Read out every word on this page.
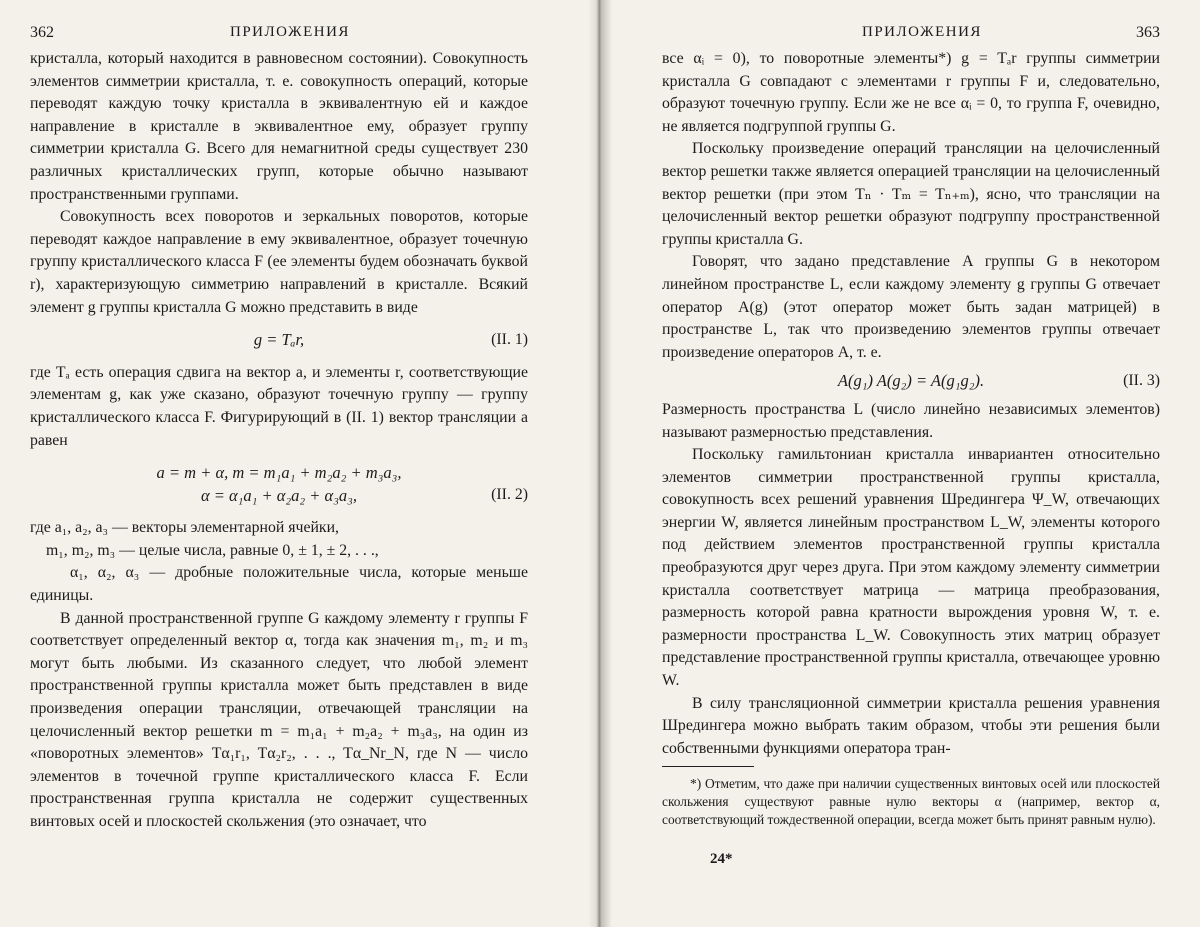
362	ПРИЛОЖЕНИЯ

кристалла, который находится в равновесном состоянии). Совокупность элементов симметрии кристалла, т. е. совокупность операций, которые переводят каждую точку кристалла в эквивалентную ей и каждое направление в кристалле в эквивалентное ему, образует группу симметрии кристалла G. Всего для немагнитной среды существует 230 различных кристаллических групп, которые обычно называют пространственными группами.

Совокупность всех поворотов и зеркальных поворотов, которые переводят каждое направление в ему эквивалентное, образует точечную группу кристаллического класса F (ее элементы будем обозначать буквой r), характеризующую симметрию направлений в кристалле. Всякий элемент g группы кристалла G можно представить в виде

g = Tₐr,	(II. 1)

где Tₐ есть операция сдвига на вектор a, и элементы r, соответствующие элементам g, как уже сказано, образуют точечную группу — группу кристаллического класса F. Фигурирующий в (II. 1) вектор трансляции a равен

a = m + α, m = m₁a₁ + m₂a₂ + m₃a₃,
α = α₁a₁ + α₂a₂ + α₃a₃,	(II. 2)

где a₁, a₂, a₃ — векторы элементарной ячейки,

m₁, m₂, m₃ — целые числа, равные 0, ± 1, ± 2, . . .,

α₁, α₂, α₃ — дробные положительные числа, которые меньше единицы.

В данной пространственной группе G каждому элементу r группы F соответствует определенный вектор α, тогда как значения m₁, m₂ и m₃ могут быть любыми. Из сказанного следует, что любой элемент пространственной группы кристалла может быть представлен в виде произведения операции трансляции, отвечающей трансляции на целочисленный вектор решетки m = m₁a₁ + m₂a₂ + m₃a₃, на один из «поворотных элементов» Tα₁r₁, Tα₂r₂, . . ., Tα_Nr_N, где N — число элементов в точечной группе кристаллического класса F. Если пространственная группа кристалла не содержит существенных винтовых осей и плоскостей скольжения (это означает, что

ПРИЛОЖЕНИЯ	363

все αᵢ = 0), то поворотные элементы*) g = Tₐr группы симметрии кристалла G совпадают с элементами r группы F и, следовательно, образуют точечную группу. Если же не все αᵢ = 0, то группа F, очевидно, не является подгруппой группы G.

Поскольку произведение операций трансляции на целочисленный вектор решетки также является операцией трансляции на целочисленный вектор решетки (при этом Tₙ · Tₘ = Tₙ₊ₘ), ясно, что трансляции на целочисленный вектор решетки образуют подгруппу пространственной группы кристалла G.

Говорят, что задано представление A группы G в некотором линейном пространстве L, если каждому элементу g группы G отвечает оператор A(g) (этот оператор может быть задан матрицей) в пространстве L, так что произведению элементов группы отвечает произведение операторов A, т. е.

A(g₁) A(g₂) = A(g₁g₂).	(II. 3)

Размерность пространства L (число линейно независимых элементов) называют размерностью представления.

Поскольку гамильтониан кристалла инвариантен относительно элементов симметрии пространственной группы кристалла, совокупность всех решений уравнения Шредингера Ψ_W, отвечающих энергии W, является линейным пространством L_W, элементы которого под действием элементов пространственной группы кристалла преобразуются друг через друга. При этом каждому элементу симметрии кристалла соответствует матрица — матрица преобразования, размерность которой равна кратности вырождения уровня W, т. е. размерности пространства L_W. Совокупность этих матриц образует представление пространственной группы кристалла, отвечающее уровню W.

В силу трансляционной симметрии кристалла решения уравнения Шредингера можно выбрать таким образом, чтобы эти решения были собственными функциями оператора тран-

*) Отметим, что даже при наличии существенных винтовых осей или плоскостей скольжения существуют равные нулю векторы α (например, вектор α, соответствующий тождественной операции, всегда может быть принят равным нулю).

24*
